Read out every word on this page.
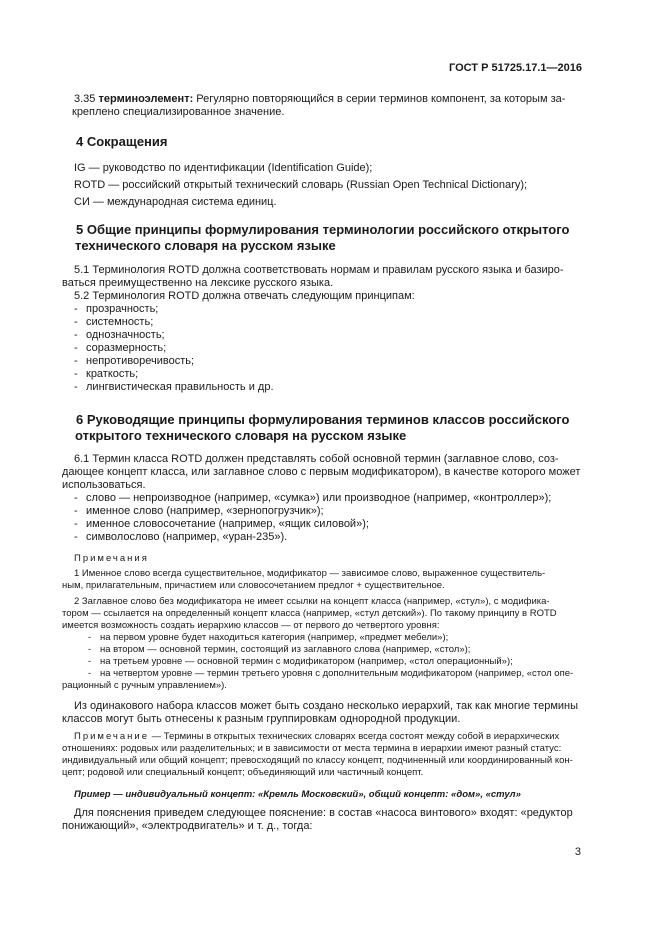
ГОСТ Р 51725.17.1—2016

3.35 терминоэлемент: Регулярно повторяющийся в серии терминов компонент, за которым за-

креплено специализированное значение.

4 Сокращения
IG — руководство по идентификации (Identification Guide);
ROTD — российский открытый технический словарь (Russian Open Technical Dictionary);
СИ — международная система единиц.
5 Общие принципы формулирования терминологии российского открытого
технического словаря на русском языке
5.1 Терминология ROTD должна соответствовать нормам и правилам русского языка и базиро-
ваться преимущественно на лексике русского языка.
5.2 Терминология ROTD должна отвечать следующим принципам:
- прозрачность;
- системность;
- однозначность;
- соразмерность;
- непротиворечивость;
- краткость;
- лингвистическая правильность и др.
6 Руководящие принципы формулирования терминов классов российского
открытого технического словаря на русском языке
6.1 Термин класса ROTD должен представлять собой основной термин (заглавное слово, соз-
дающее концепт класса, или заглавное слово с первым модификатором), в качестве которого может
использоваться.
- слово — непроизводное (например, «сумка») или производное (например, «контроллер»);
- именное слово (например, «зернопогрузчик»);
- именное словосочетание (например, «ящик силовой»);
- символослово (например, «уран-235»).
Примечания
1 Именное слово всегда существительное, модификатор — зависимое слово, выраженное существитель-
ным, прилагательным, причастием или словосочетанием предлог + существительное.
2 Заглавное слово без модификатора не имеет ссылки на концепт класса (например, «стул»), с модифика-
тором — ссылается на определенный концепт класса (например, «стул детский»). По такому принципу в ROTD
имеется возможность создать иерархию классов — от первого до четвертого уровня:
- на первом уровне будет находиться категория (например, «предмет мебели»);
- на втором — основной термин, состоящий из заглавного слова (например, «стол»);
- на третьем уровне — основной термин с модификатором (например, «стол операционный»);
- на четвертом уровне — термин третьего уровня с дополнительным модификатором (например, «стол опе-
рационный с ручным управлением»).
Из одинакового набора классов может быть создано несколько иерархий, так как многие термины
классов могут быть отнесены к разным группировкам однородной продукции.
Примечание — Термины в открытых технических словарях всегда состоят между собой в иерархических
отношениях: родовых или разделительных; и в зависимости от места термина в иерархии имеют разный статус:
индивидуальный или общий концепт; превосходящий по классу концепт, подчиненный или координированный кон-
цепт; родовой или специальный концепт; объединяющий или частичный концепт.
Пример — индивидуальный концепт: «Кремль Московский», общий концепт: «дом», «стул»
Для пояснения приведем следующее пояснение: в состав «насоса винтового» входят: «редуктор
понижающий», «электродвигатель» и т. д., тогда:
3
